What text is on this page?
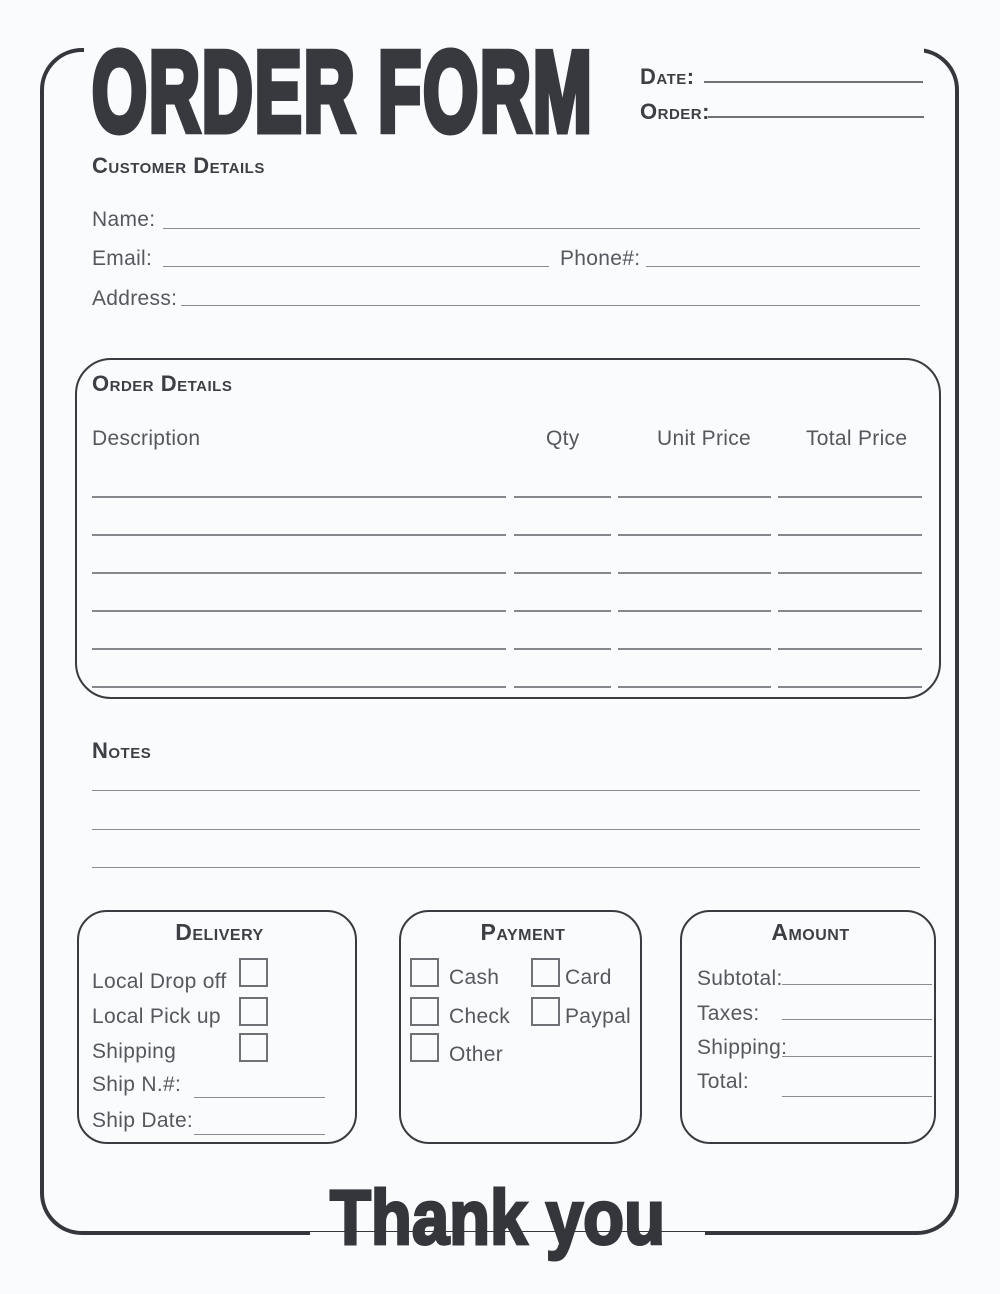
ORDER FORM Date:
Order:
Customer Details
Name:
Email:	Phone#:
Address:
Order Details
Description	Qty	Unit Price	Total Price
Notes
Delivery
Local Drop off
Local Pick up
Shipping
Ship N.#:
Ship Date:
Payment
Cash
Check
Other
Card
Paypal
Amount
Subtotal:
Taxes:
Shipping:
Total:
Thank you
